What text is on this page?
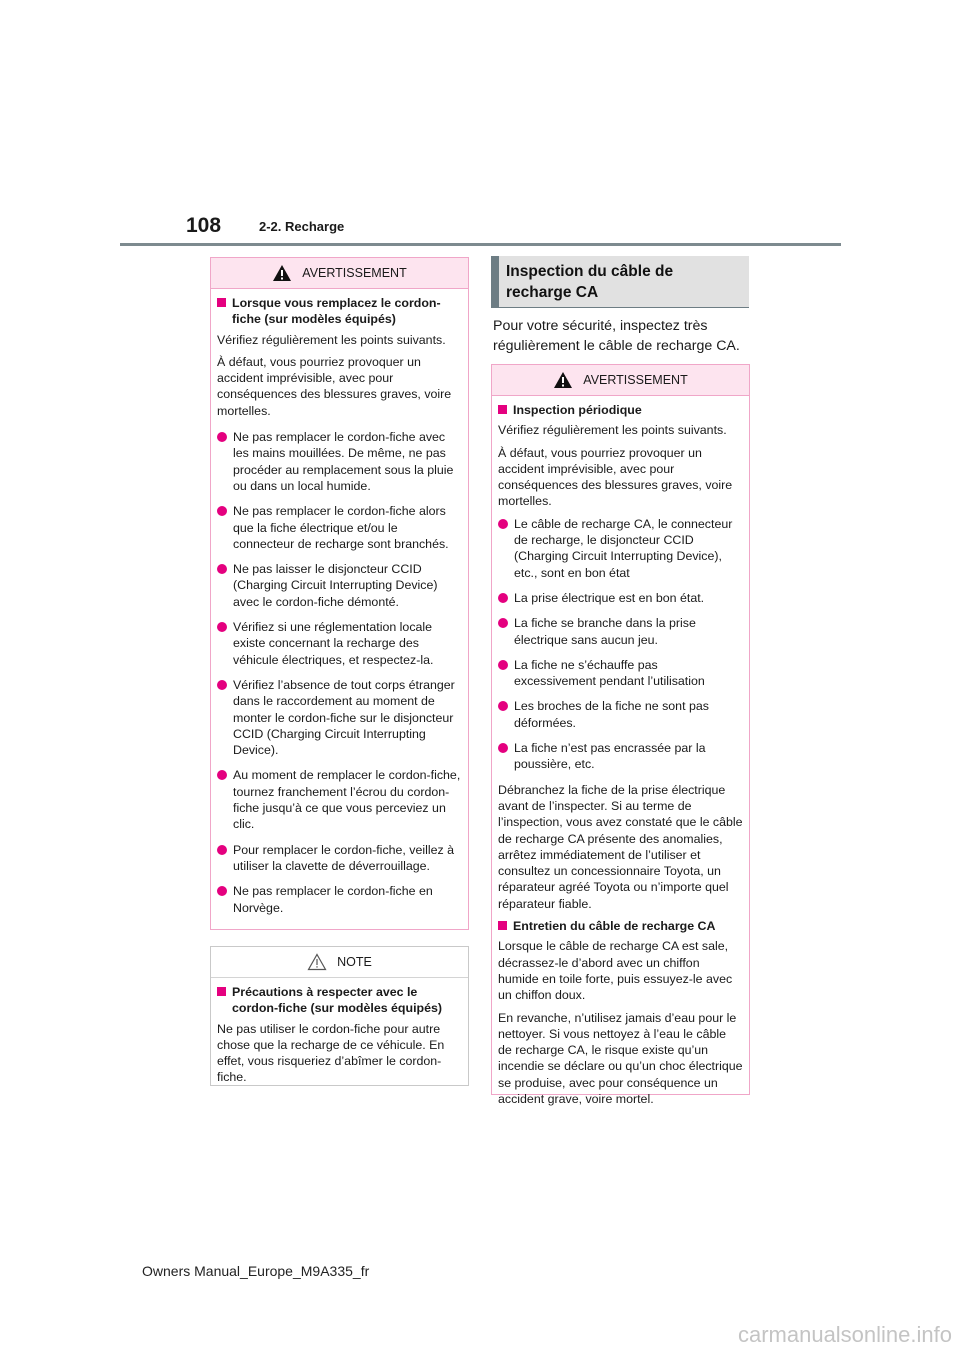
108	2-2. Recharge
AVERTISSEMENT
Lorsque vous remplacez le cordon-fiche (sur modèles équipés)

Vérifiez régulièrement les points suivants.

À défaut, vous pourriez provoquer un accident imprévisible, avec pour conséquences des blessures graves, voire mortelles.

Ne pas remplacer le cordon-fiche avec les mains mouillées. De même, ne pas procéder au remplacement sous la pluie ou dans un local humide.
Ne pas remplacer le cordon-fiche alors que la fiche électrique et/ou le connecteur de recharge sont branchés.
Ne pas laisser le disjoncteur CCID (Charging Circuit Interrupting Device) avec le cordon-fiche démonté.
Vérifiez si une réglementation locale existe concernant la recharge des véhicule électriques, et respectez-la.
Vérifiez l’absence de tout corps étranger dans le raccordement au moment de monter le cordon-fiche sur le disjoncteur CCID (Charging Circuit Interrupting Device).
Au moment de remplacer le cordon-fiche, tournez franchement l’écrou du cordon-fiche jusqu’à ce que vous perceviez un clic.
Pour remplacer le cordon-fiche, veillez à utiliser la clavette de déverrouillage.
Ne pas remplacer le cordon-fiche en Norvège.
NOTE
Précautions à respecter avec le cordon-fiche (sur modèles équipés)

Ne pas utiliser le cordon-fiche pour autre chose que la recharge de ce véhicule. En effet, vous risqueriez d’abîmer le cordon-fiche.

Inspection du câble de
recharge CA
Pour votre sécurité, inspectez très régulièrement le câble de recharge CA.
AVERTISSEMENT
Inspection périodique

Vérifiez régulièrement les points suivants.

À défaut, vous pourriez provoquer un accident imprévisible, avec pour conséquences des blessures graves, voire mortelles.

Le câble de recharge CA, le connecteur de recharge, le disjoncteur CCID (Charging Circuit Interrupting Device), etc., sont en bon état
La prise électrique est en bon état.
La fiche se branche dans la prise électrique sans aucun jeu.
La fiche ne s’échauffe pas excessivement pendant l’utilisation
Les broches de la fiche ne sont pas déformées.
La fiche n’est pas encrassée par la poussière, etc.

Débranchez la fiche de la prise électrique avant de l’inspecter. Si au terme de l’inspection, vous avez constaté que le câble de recharge CA présente des anomalies, arrêtez immédiatement de l’utiliser et consultez un concessionnaire Toyota, un réparateur agréé Toyota ou n’importe quel réparateur fiable.

Entretien du câble de recharge CA

Lorsque le câble de recharge CA est sale, décrassez-le d’abord avec un chiffon humide en toile forte, puis essuyez-le avec un chiffon doux.

En revanche, n’utilisez jamais d’eau pour le nettoyer. Si vous nettoyez à l’eau le câble de recharge CA, le risque existe qu’un incendie se déclare ou qu’un choc électrique se produise, avec pour conséquence un accident grave, voire mortel.

Owners Manual_Europe_M9A335_fr
carmanualsonline.info
